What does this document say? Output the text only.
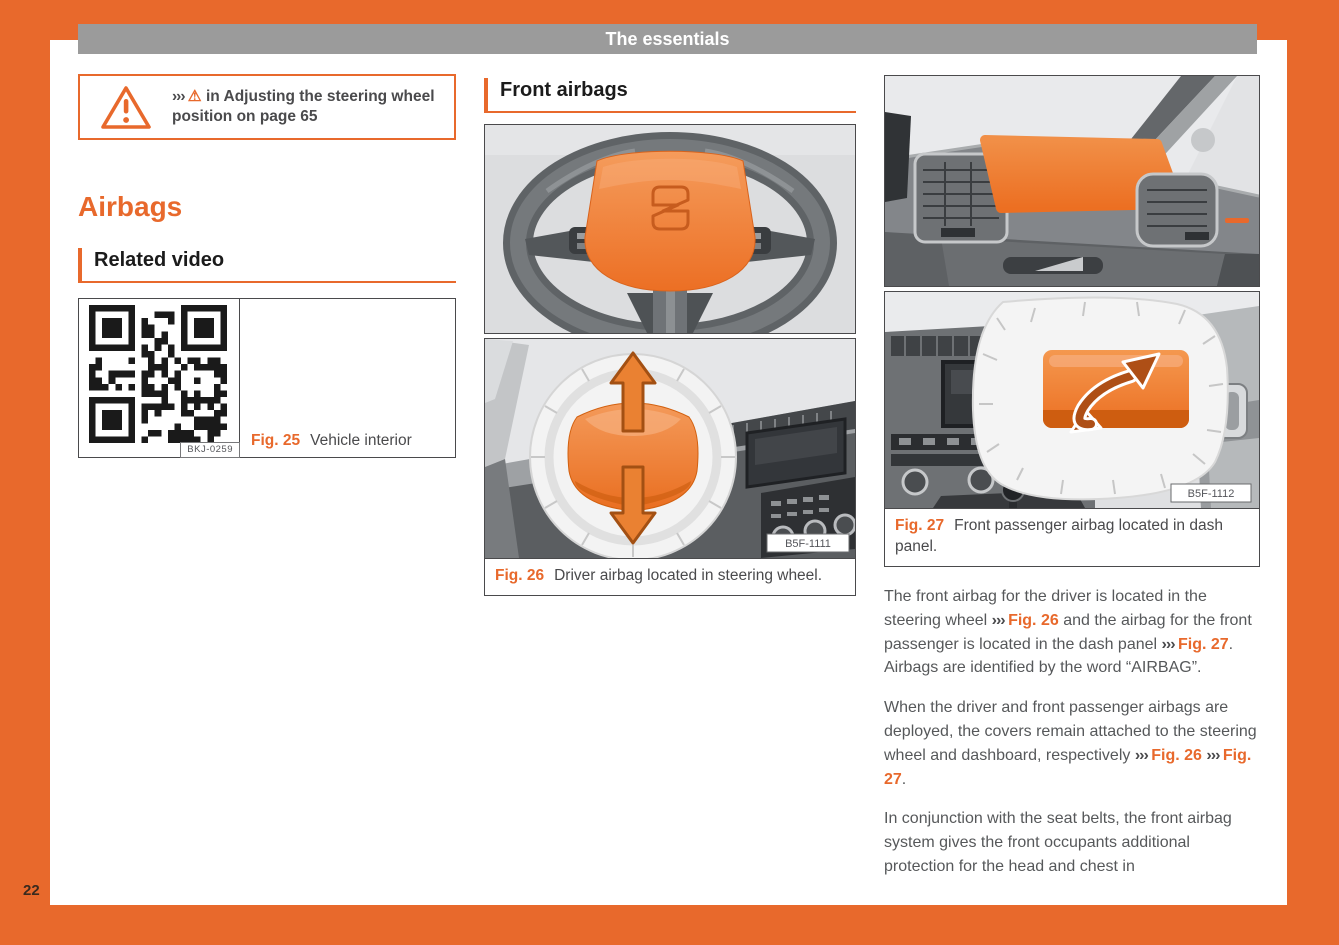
22
The essentials
››› ⚠ in Adjusting the steering wheel position on page 65
Airbags
Related video
BKJ-0259
Fig. 25 Vehicle interior
Front airbags
B5F-1111
Fig. 26 Driver airbag located in steering wheel.
B5F-1112
Fig. 27 Front passenger airbag located in dash panel.

The front airbag for the driver is located in the steering wheel ››› Fig. 26 and the airbag for the front passenger is located in the dash panel ››› Fig. 27. Airbags are identified by the word “AIRBAG”.

When the driver and front passenger airbags are deployed, the covers remain attached to the steering wheel and dashboard, respectively ››› Fig. 26 ››› Fig. 27.

In conjunction with the seat belts, the front airbag system gives the front occupants additional protection for the head and chest in
